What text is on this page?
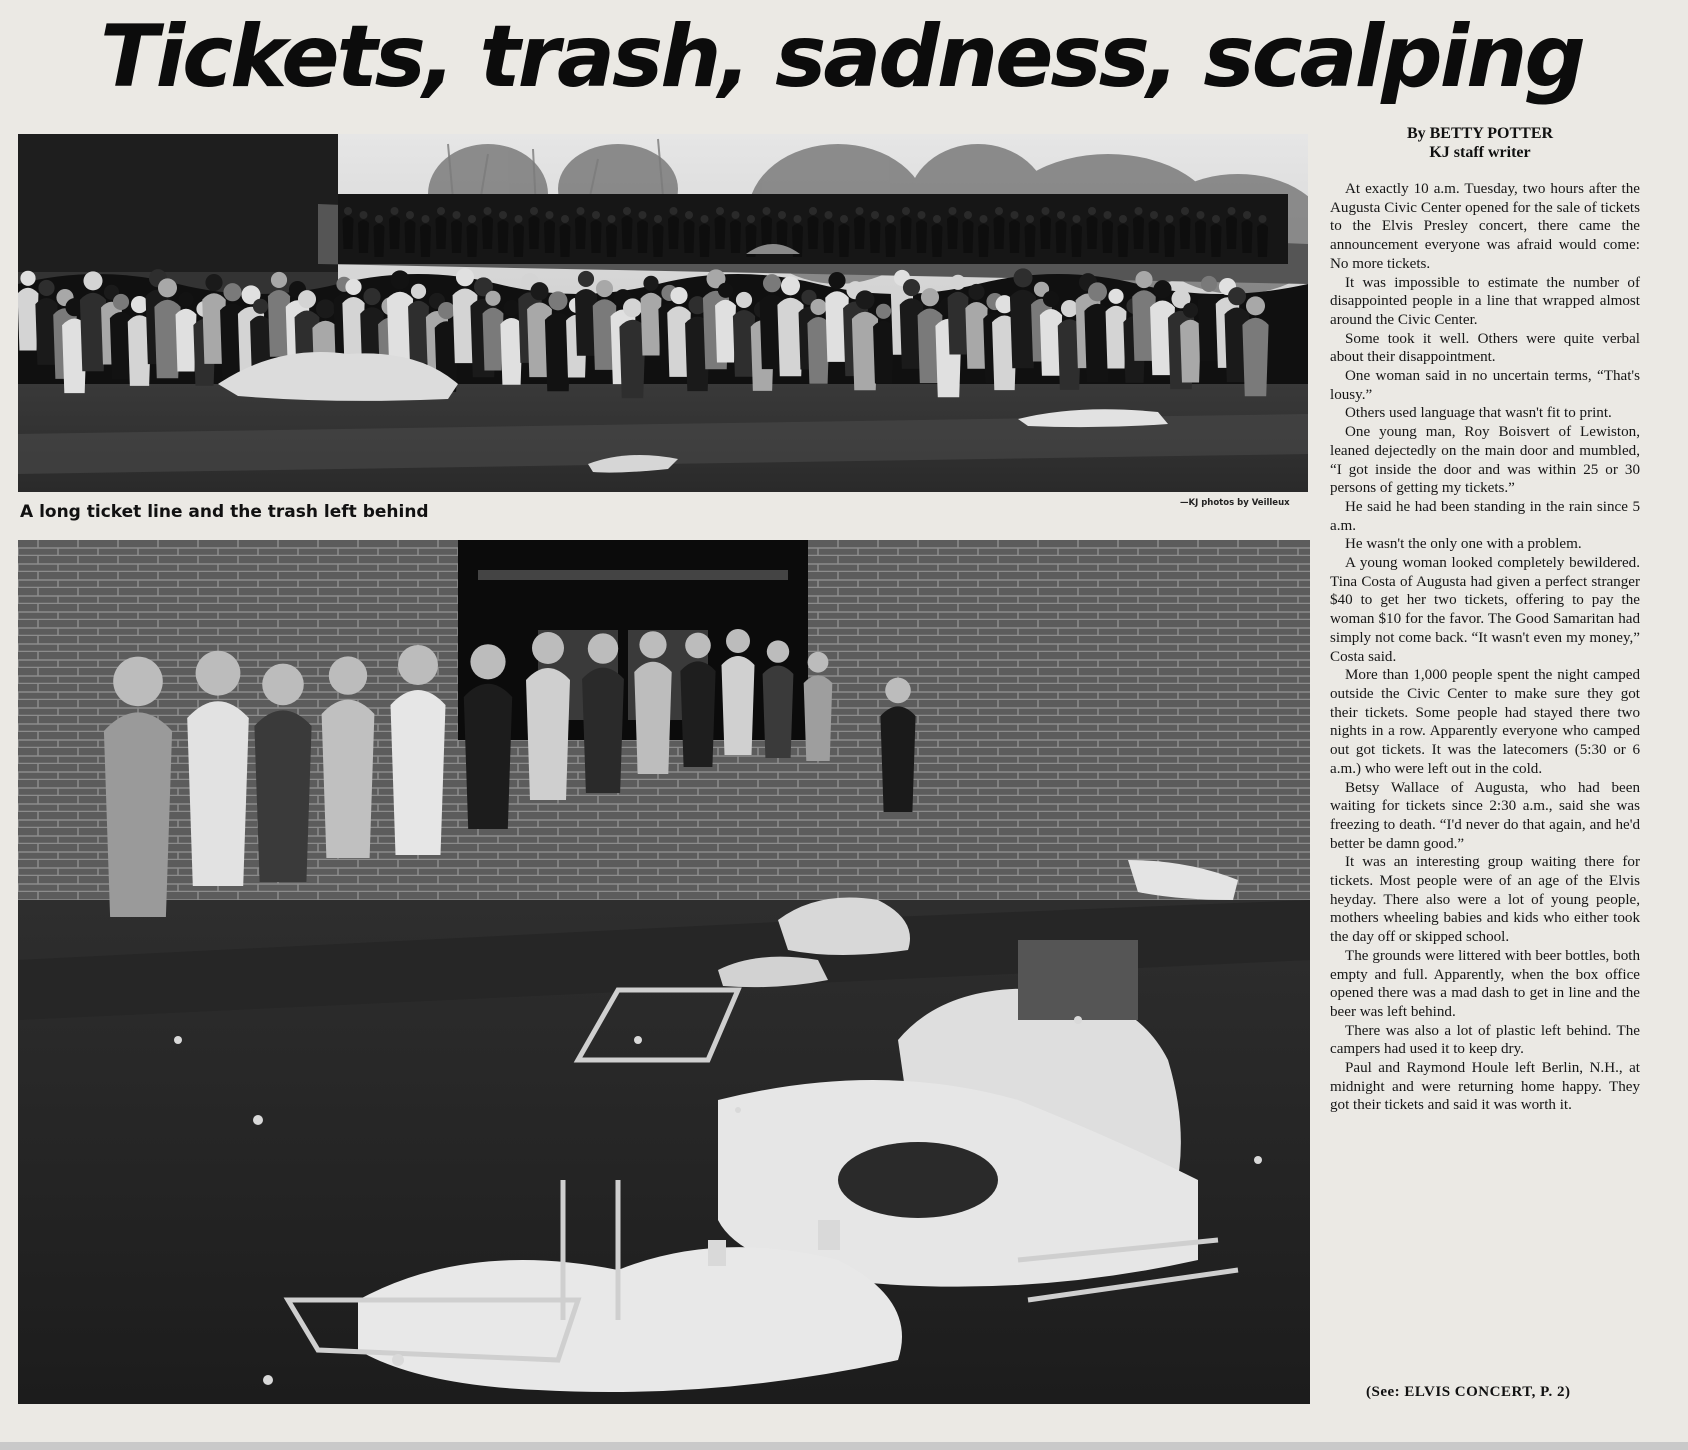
Tickets, trash, sadness, scalping

A long ticket line and the trash left behind	—KJ photos by Veilleux

By BETTY POTTER
KJ staff writer

At exactly 10 a.m. Tuesday, two hours after the Augusta Civic Center opened for the sale of tickets to the Elvis Presley concert, there came the announcement everyone was afraid would come: No more tickets.

It was impossible to estimate the number of disappointed people in a line that wrapped almost around the Civic Center.

Some took it well. Others were quite verbal about their disappointment.

One woman said in no uncertain terms, “That's lousy.”

Others used language that wasn't fit to print.

One young man, Roy Boisvert of Lewiston, leaned dejectedly on the main door and mumbled, “I got inside the door and was within 25 or 30 persons of getting my tickets.”

He said he had been standing in the rain since 5 a.m.

He wasn't the only one with a problem.

A young woman looked completely bewildered. Tina Costa of Augusta had given a perfect stranger $40 to get her two tickets, offering to pay the woman $10 for the favor. The Good Samaritan had simply not come back. “It wasn't even my money,” Costa said.

More than 1,000 people spent the night camped outside the Civic Center to make sure they got their tickets. Some people had stayed there two nights in a row. Apparently everyone who camped out got tickets. It was the latecomers (5:30 or 6 a.m.) who were left out in the cold.

Betsy Wallace of Augusta, who had been waiting for tickets since 2:30 a.m., said she was freezing to death. “I'd never do that again, and he'd better be damn good.”

It was an interesting group waiting there for tickets. Most people were of an age of the Elvis heyday. There also were a lot of young people, mothers wheeling babies and kids who either took the day off or skipped school.

The grounds were littered with beer bottles, both empty and full. Apparently, when the box office opened there was a mad dash to get in line and the beer was left behind.

There was also a lot of plastic left behind. The campers had used it to keep dry.

Paul and Raymond Houle left Berlin, N.H., at midnight and were returning home happy. They got their tickets and said it was worth it.

(See: ELVIS CONCERT, P. 2)
